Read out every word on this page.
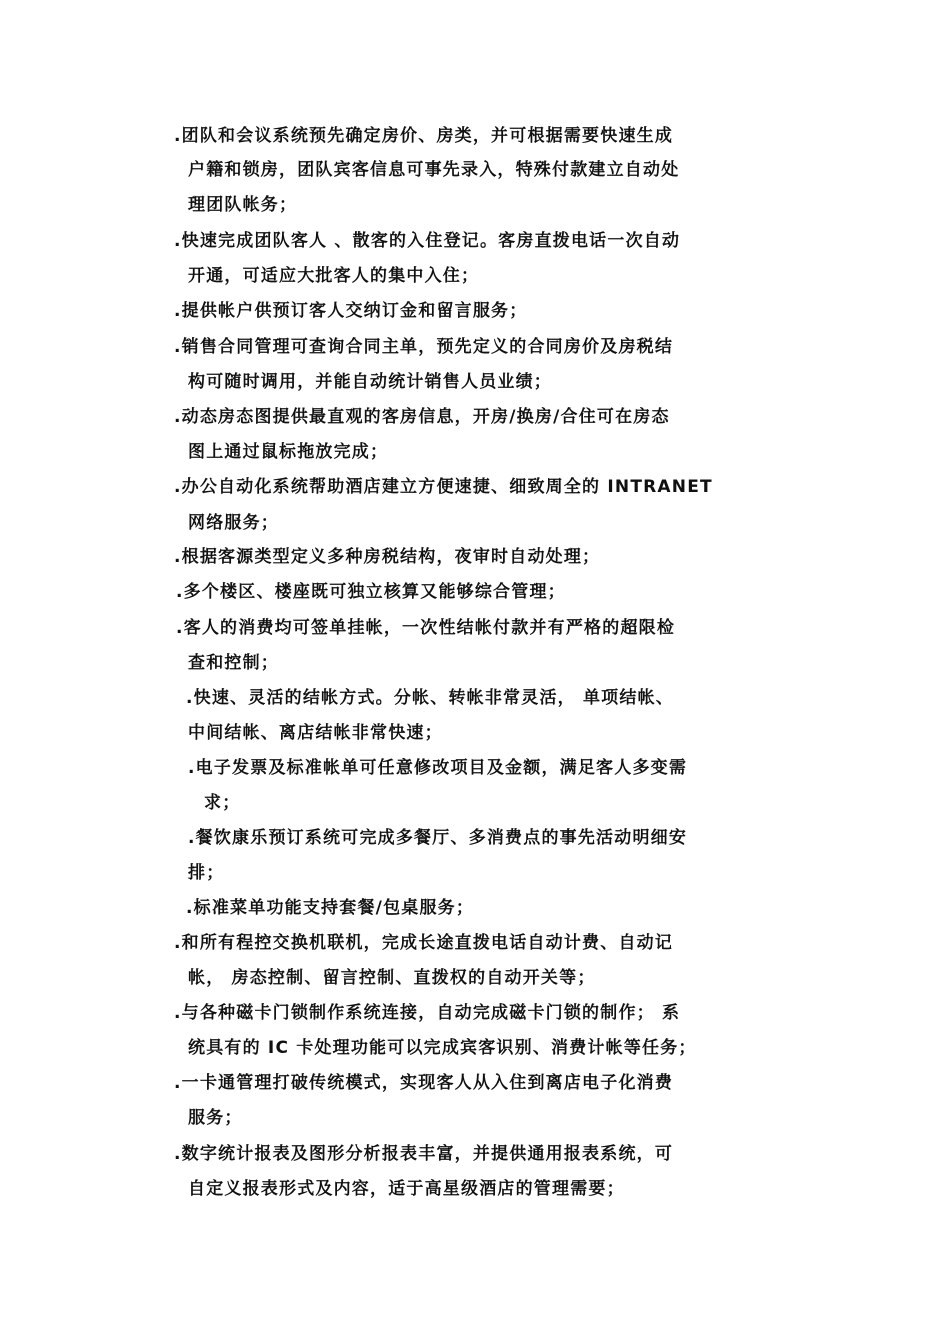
.团队和会议系统预先确定房价、房类，并可根据需要快速生成
户籍和锁房，团队宾客信息可事先录入，特殊付款建立自动处
理团队帐务；
.快速完成团队客人 、散客的入住登记。客房直拨电话一次自动
开通，可适应大批客人的集中入住；
.提供帐户供预订客人交纳订金和留言服务；
.销售合同管理可查询合同主单，预先定义的合同房价及房税结
构可随时调用，并能自动统计销售人员业绩；
.动态房态图提供最直观的客房信息，开房/换房/合住可在房态
图上通过鼠标拖放完成；
.办公自动化系统帮助酒店建立方便速捷、细致周全的 INTRANET
网络服务；
.根据客源类型定义多种房税结构，夜审时自动处理；
.多个楼区、楼座既可独立核算又能够综合管理；
.客人的消费均可签单挂帐，一次性结帐付款并有严格的超限检
查和控制；
.快速、灵活的结帐方式。分帐、转帐非常灵活， 单项结帐、
中间结帐、离店结帐非常快速；
.电子发票及标准帐单可任意修改项目及金额，满足客人多变需
求；
.餐饮康乐预订系统可完成多餐厅、多消费点的事先活动明细安
排；
.标准菜单功能支持套餐/包桌服务；
.和所有程控交换机联机，完成长途直拨电话自动计费、自动记
帐， 房态控制、留言控制、直拨权的自动开关等；
.与各种磁卡门锁制作系统连接，自动完成磁卡门锁的制作； 系
统具有的 IC 卡处理功能可以完成宾客识别、消费计帐等任务；
.一卡通管理打破传统模式，实现客人从入住到离店电子化消费
服务；
.数字统计报表及图形分析报表丰富，并提供通用报表系统，可
自定义报表形式及内容，适于高星级酒店的管理需要；
